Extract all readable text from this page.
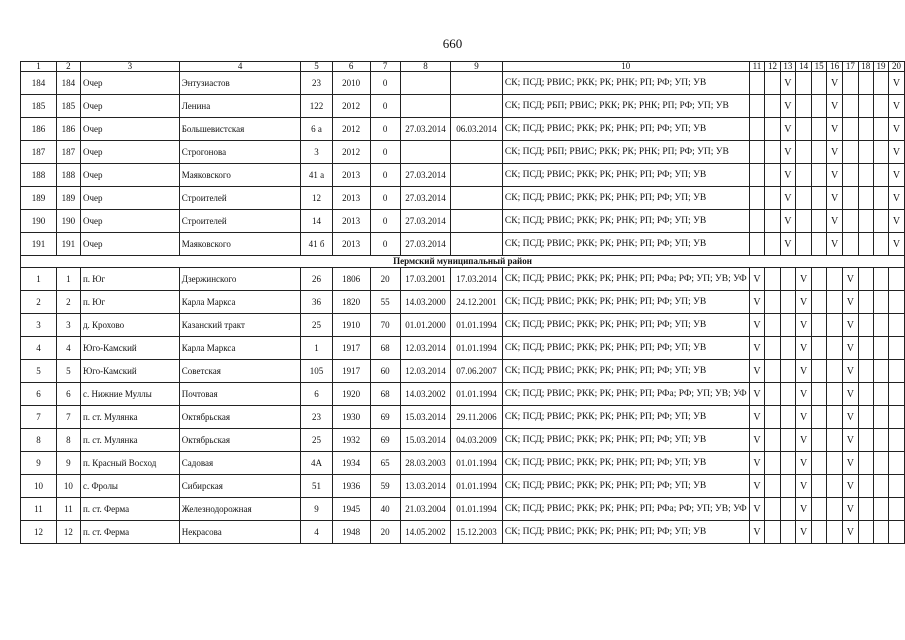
660
1	2	3	4	5	6	7	8	9	10	11	12	13	14	15	16	17	18	19	20
184	184	Очер	Энтузиастов	23	2010	0			СК; ПСД; РВИС; РКК; РК; РНК; РП; РФ; УП; УВ			V			V				V
185	185	Очер	Ленина	122	2012	0			СК; ПСД; РБП; РВИС; РКК; РК; РНК; РП; РФ; УП; УВ			V			V				V
186	186	Очер	Большевистская	6 а	2012	0	27.03.2014	06.03.2014	СК; ПСД; РВИС; РКК; РК; РНК; РП; РФ; УП; УВ			V			V				V
187	187	Очер	Строгонова	3	2012	0			СК; ПСД; РБП; РВИС; РКК; РК; РНК; РП; РФ; УП; УВ			V			V				V
188	188	Очер	Маяковского	41 а	2013	0	27.03.2014		СК; ПСД; РВИС; РКК; РК; РНК; РП; РФ; УП; УВ			V			V				V
189	189	Очер	Строителей	12	2013	0	27.03.2014		СК; ПСД; РВИС; РКК; РК; РНК; РП; РФ; УП; УВ			V			V				V
190	190	Очер	Строителей	14	2013	0	27.03.2014		СК; ПСД; РВИС; РКК; РК; РНК; РП; РФ; УП; УВ			V			V				V
191	191	Очер	Маяковского	41 б	2013	0	27.03.2014		СК; ПСД; РВИС; РКК; РК; РНК; РП; РФ; УП; УВ			V			V				V
Пермский муниципальный район																			
1	1	п. Юг	Дзержинского	26	1806	20	17.03.2001	17.03.2014	СК; ПСД; РВИС; РКК; РК; РНК; РП; РФа; РФ; УП; УВ; УФ	V			V			V			
2	2	п. Юг	Карла Маркса	36	1820	55	14.03.2000	24.12.2001	СК; ПСД; РВИС; РКК; РК; РНК; РП; РФ; УП; УВ	V			V			V			
3	3	д. Крохово	Казанский тракт	25	1910	70	01.01.2000	01.01.1994	СК; ПСД; РВИС; РКК; РК; РНК; РП; РФ; УП; УВ	V			V			V			
4	4	Юго-Камский	Карла Маркса	1	1917	68	12.03.2014	01.01.1994	СК; ПСД; РВИС; РКК; РК; РНК; РП; РФ; УП; УВ	V			V			V			
5	5	Юго-Камский	Советская	105	1917	60	12.03.2014	07.06.2007	СК; ПСД; РВИС; РКК; РК; РНК; РП; РФ; УП; УВ	V			V			V			
6	6	с. Нижние Муллы	Почтовая	6	1920	68	14.03.2002	01.01.1994	СК; ПСД; РВИС; РКК; РК; РНК; РП; РФа; РФ; УП; УВ; УФ	V			V			V			
7	7	п. ст. Мулянка	Октябрьская	23	1930	69	15.03.2014	29.11.2006	СК; ПСД; РВИС; РКК; РК; РНК; РП; РФ; УП; УВ	V			V			V			
8	8	п. ст. Мулянка	Октябрьская	25	1932	69	15.03.2014	04.03.2009	СК; ПСД; РВИС; РКК; РК; РНК; РП; РФ; УП; УВ	V			V			V			
9	9	п. Красный Восход	Садовая	4А	1934	65	28.03.2003	01.01.1994	СК; ПСД; РВИС; РКК; РК; РНК; РП; РФ; УП; УВ	V			V			V			
10	10	с. Фролы	Сибирская	51	1936	59	13.03.2014	01.01.1994	СК; ПСД; РВИС; РКК; РК; РНК; РП; РФ; УП; УВ	V			V			V			
11	11	п. ст. Ферма	Железнодорожная	9	1945	40	21.03.2004	01.01.1994	СК; ПСД; РВИС; РКК; РК; РНК; РП; РФа; РФ; УП; УВ; УФ	V			V			V			
12	12	п. ст. Ферма	Некрасова	4	1948	20	14.05.2002	15.12.2003	СК; ПСД; РВИС; РКК; РК; РНК; РП; РФ; УП; УВ	V			V			V			
